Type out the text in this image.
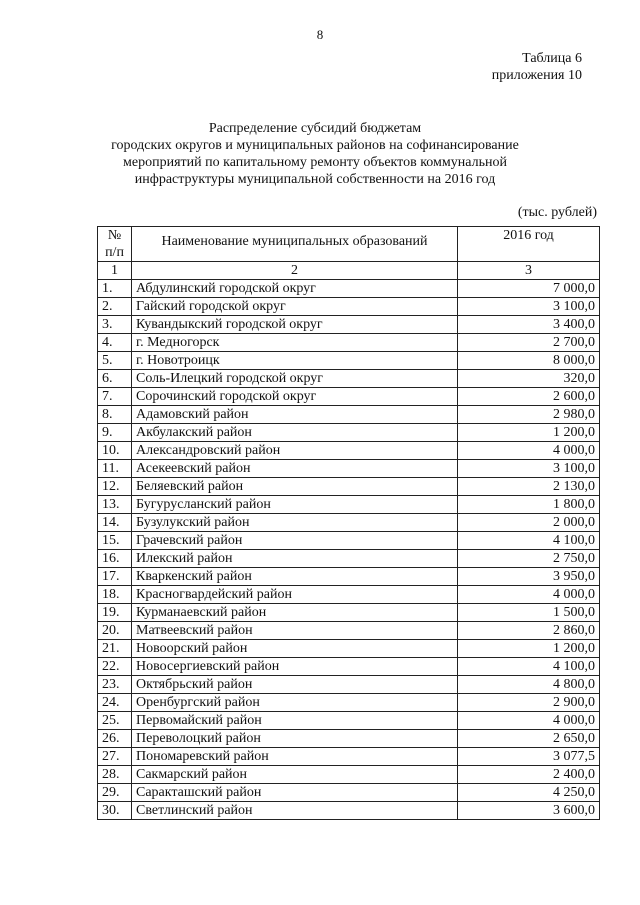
8
Таблица 6
приложения 10
Распределение субсидий бюджетам
городских округов и муниципальных районов на софинансирование
мероприятий по капитальному ремонту объектов коммунальной
инфраструктуры муниципальной собственности на 2016 год
(тыс. рублей)
№
п/п	Наименование муниципальных образований	2016 год
1	2	3
1.	Абдулинский городской округ	7 000,0
2.	Гайский городской округ	3 100,0
3.	Кувандыкский городской округ	3 400,0
4.	г. Медногорск	2 700,0
5.	г. Новотроицк	8 000,0
6.	Соль-Илецкий городской округ	320,0
7.	Сорочинский городской округ	2 600,0
8.	Адамовский район	2 980,0
9.	Акбулакский район	1 200,0
10.	Александровский район	4 000,0
11.	Асекеевский район	3 100,0
12.	Беляевский район	2 130,0
13.	Бугурусланский район	1 800,0
14.	Бузулукский район	2 000,0
15.	Грачевский район	4 100,0
16.	Илекский район	2 750,0
17.	Кваркенский район	3 950,0
18.	Красногвардейский район	4 000,0
19.	Курманаевский район	1 500,0
20.	Матвеевский район	2 860,0
21.	Новоорский район	1 200,0
22.	Новосергиевский район	4 100,0
23.	Октябрьский район	4 800,0
24.	Оренбургский район	2 900,0
25.	Первомайский район	4 000,0
26.	Переволоцкий район	2 650,0
27.	Пономаревский район	3 077,5
28.	Сакмарский район	2 400,0
29.	Саракташский район	4 250,0
30.	Светлинский район	3 600,0
